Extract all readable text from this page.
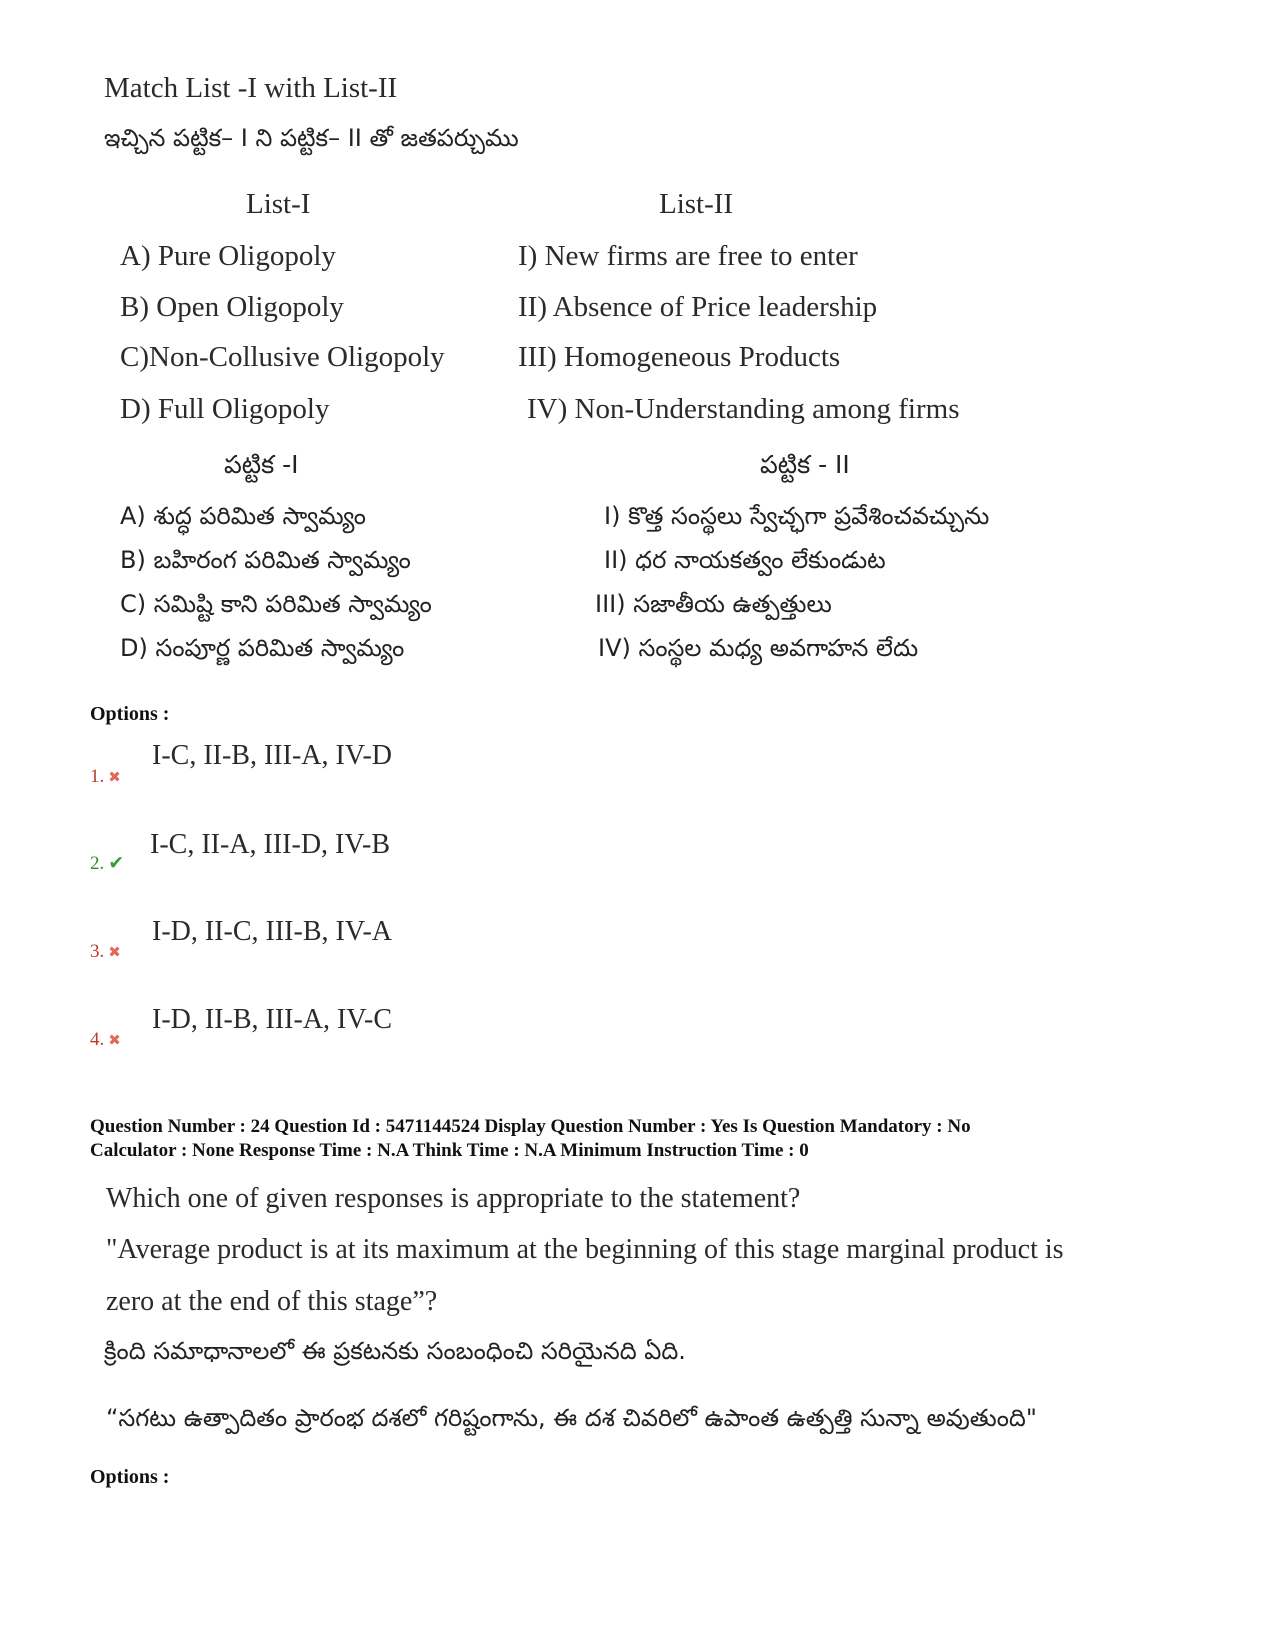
Match List -I with List-II
ఇచ్చిన పట్టిక– I ని పట్టిక– II తో జతపర్చుము
List-I	List-II
A) Pure Oligopoly
B) Open Oligopoly
C)Non-Collusive Oligopoly
D) Full Oligopoly
I) New firms are free to enter
II) Absence of Price leadership
III) Homogeneous Products
IV) Non-Understanding among firms
పట్టిక -I	పట్టిక - II
A) శుద్ధ పరిమిత స్వామ్యం
B) బహిరంగ పరిమిత స్వామ్యం
C) సమిష్టి కాని పరిమిత స్వామ్యం
D) సంపూర్ణ పరిమిత స్వామ్యం
I) కొత్త సంస్థలు స్వేచ్ఛగా ప్రవేశించవచ్చును
II) ధర నాయకత్వం లేకుండుట
III) సజాతీయ ఉత్పత్తులు
IV) సంస్థల మధ్య అవగాహన లేదు
Options :
1. ✖
I-C, II-B, III-A, IV-D
2. ✔
I-C, II-A, III-D, IV-B
3. ✖
I-D, II-C, III-B, IV-A
4. ✖
I-D, II-B, III-A, IV-C
Question Number : 24 Question Id : 5471144524 Display Question Number : Yes Is Question Mandatory : No
Calculator : None Response Time : N.A Think Time : N.A Minimum Instruction Time : 0
Which one of given responses is appropriate to the statement?
"Average product is at its maximum at the beginning of this stage marginal product is
zero at the end of this stage”?
క్రింది సమాధానాలలో ఈ ప్రకటనకు సంబంధించి సరియైనది ఏది.
“సగటు ఉత్పాదితం ప్రారంభ దశలో గరిష్టంగాను, ఈ దశ చివరిలో ఉపాంత ఉత్పత్తి సున్నా అవుతుంది"
Options :
